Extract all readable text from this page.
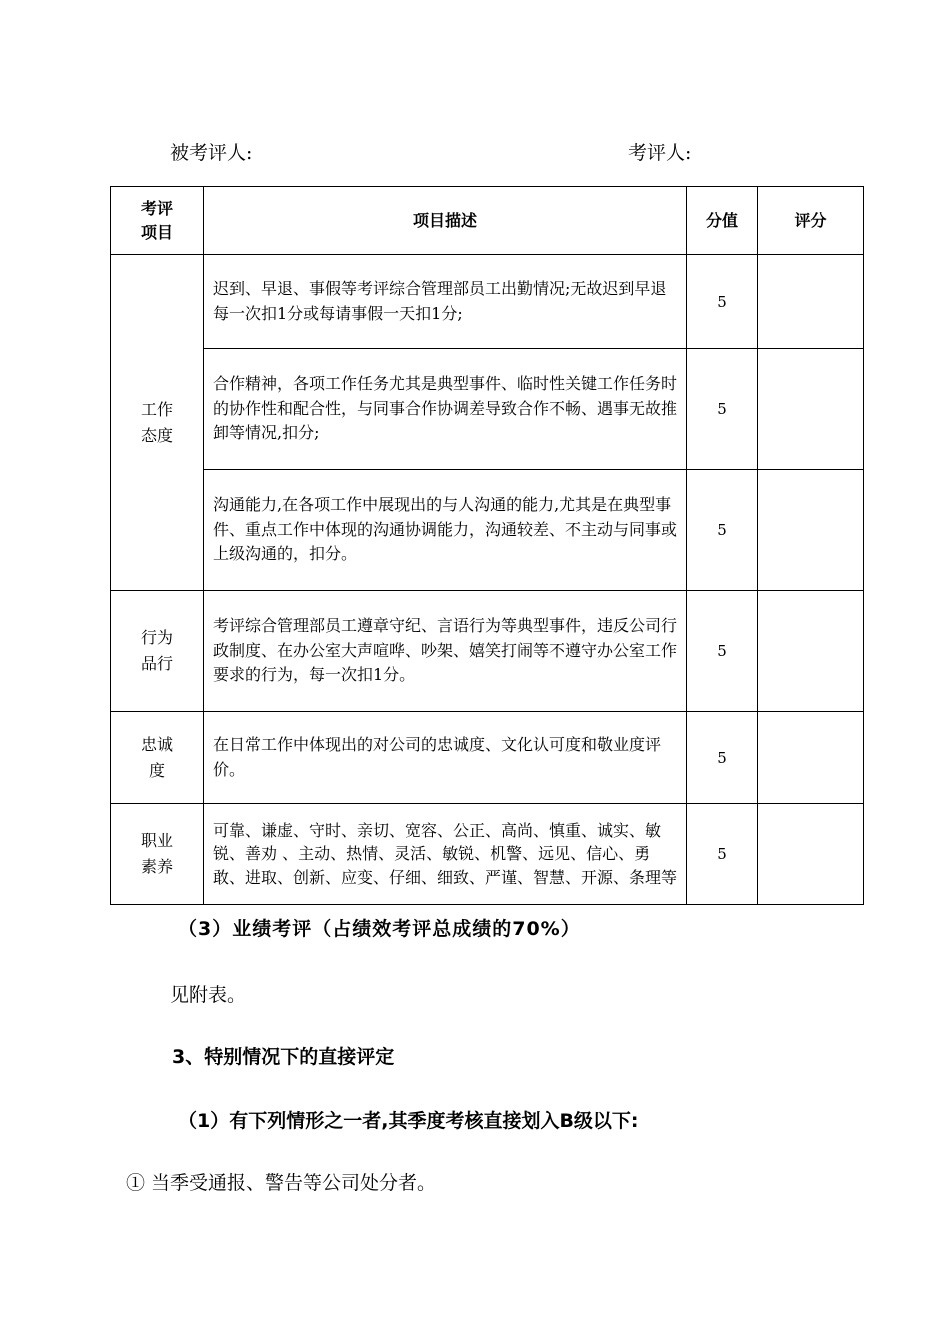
被考评人:	考评人:
考评
项目	项目描述	分值	评分

工作
态度	迟到、早退、事假等考评综合管理部员工出勤情况;无故迟到早退每一次扣1分或每请事假一天扣1分;	5	
	合作精神，各项工作任务尤其是典型事件、临时性关键工作任务时的协作性和配合性，与同事合作协调差导致合作不畅、遇事无故推卸等情况,扣分;	5	
	沟通能力,在各项工作中展现出的与人沟通的能力,尤其是在典型事件、重点工作中体现的沟通协调能力，沟通较差、不主动与同事或上级沟通的，扣分。	5	

行为
品行	考评综合管理部员工遵章守纪、言语行为等典型事件，违反公司行政制度、在办公室大声喧哗、吵架、嬉笑打闹等不遵守办公室工作要求的行为，每一次扣1分。	5	

忠诚
度	在日常工作中体现出的对公司的忠诚度、文化认可度和敬业度评价。	5	

职业
素养	可靠、谦虚、守时、亲切、宽容、公正、高尚、慎重、诚实、敏锐、善劝 、主动、热情、灵活、敏锐、机警、远见、信心、勇敢、进取、创新、应变、仔细、细致、严谨、智慧、开源、条理等	5	
（3）业绩考评（占绩效考评总成绩的70%）
见附表。
3、特别情况下的直接评定
（1）有下列情形之一者,其季度考核直接划入B级以下:
① 当季受通报、警告等公司处分者。
